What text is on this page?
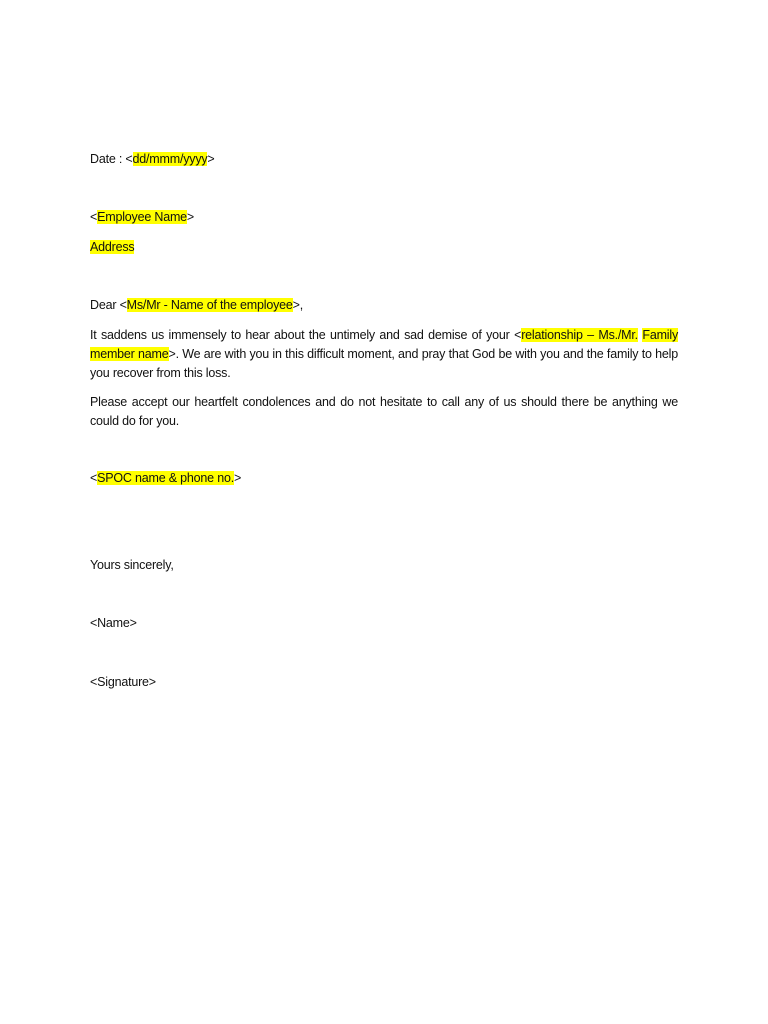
Date : <dd/mmm/yyyy>
<Employee Name>
Address
Dear <Ms/Mr - Name of the employee>,
It saddens us immensely to hear about the untimely and sad demise of your <relationship – Ms./Mr. Family member name>. We are with you in this difficult moment, and pray that God be with you and the family to help you recover from this loss.
Please accept our heartfelt condolences and do not hesitate to call any of us should there be anything we could do for you.
<SPOC name & phone no.>
Yours sincerely,
<Name>
<Signature>
